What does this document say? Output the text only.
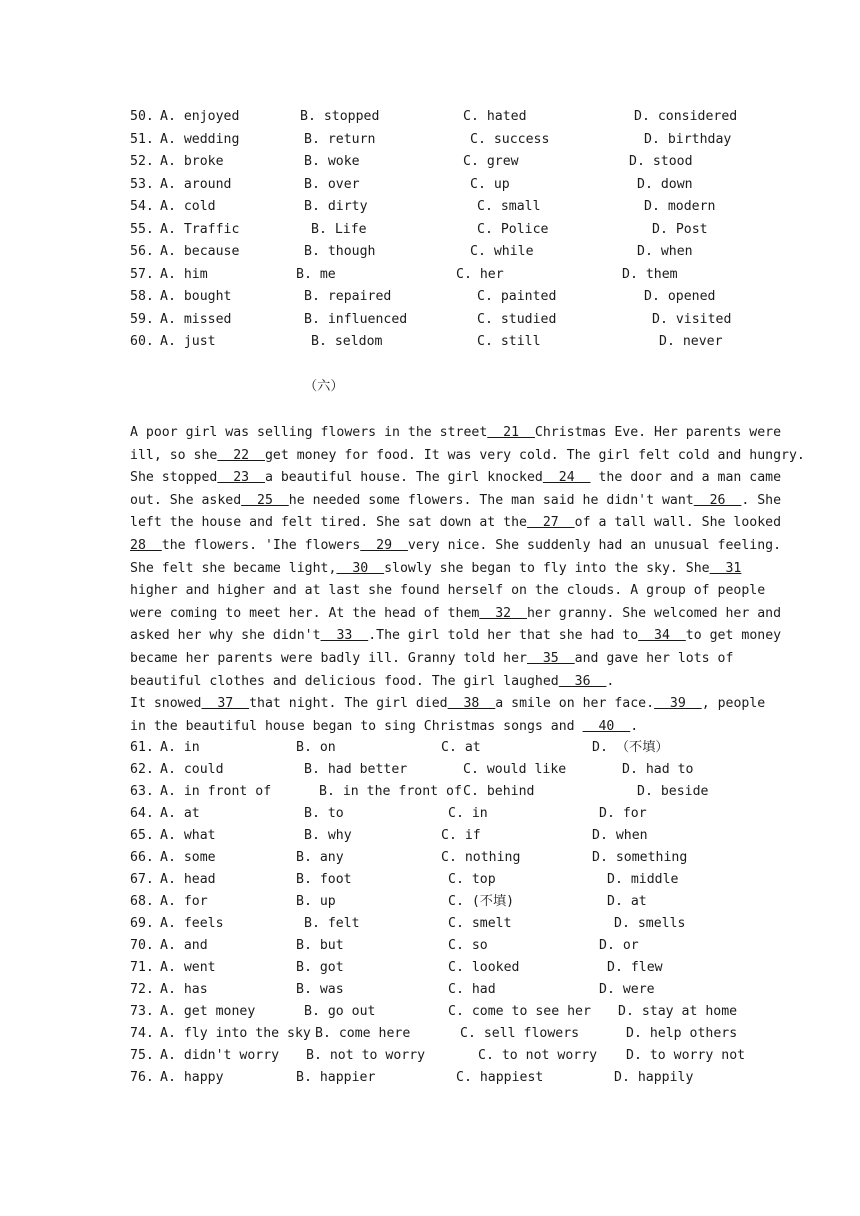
50. A. enjoyed	B. stopped	C. hated	D. considered
51. A. wedding	B. return	C. success	D. birthday
52. A. broke	B. woke	C. grew	D. stood
53. A. around	B. over	C. up	D. down
54. A. cold	B. dirty	C. small	D. modern
55. A. Traffic	B. Life	C. Police	D. Post
56. A. because	B. though	C. while	D. when
57. A. him	B. me	C. her	D. them
58. A. bought	B. repaired	C. painted	D. opened
59. A. missed	B. influenced	C. studied	D. visited
60. A. just	B. seldom	C. still	D. never
（六）
A poor girl was selling flowers in the street 21 Christmas Eve. Her parents were
ill, so she 22 get money for food. It was very cold. The girl felt cold and hungry.
She stopped 23 a beautiful house. The girl knocked 24 the door and a man came
out. She asked 25 he needed some flowers. The man said he didn't want 26 . She
left the house and felt tired. She sat down at the 27 of a tall wall. She looked
28 the flowers. 'Ihe flowers 29 very nice. She suddenly had an unusual feeling.
She felt she became light, 30 slowly she began to fly into the sky. She 31
higher and higher and at last she found herself on the clouds. A group of people
were coming to meet her. At the head of them 32 her granny. She welcomed her and
asked her why she didn't 33 .The girl told her that she had to 34 to get money
became her parents were badly ill. Granny told her 35 and gave her lots of
beautiful clothes and delicious food. The girl laughed 36 .
It snowed 37 that night. The girl died 38 a smile on her face. 39 , people
in the beautiful house began to sing Christmas songs and
40 .
61. A. in	B. on	C. at	D. （不填）
62. A. could	B. had better	C. would like	D. had to
63. A. in front of	B. in the front of C. behind	D. beside
64. A. at	B. to	C. in	D. for
65. A. what	B. why	C. if	D. when
66. A. some	B. any	C. nothing	D. something
67. A. head	B. foot	C. top	D. middle
68. A. for	B. up	C. (不填)	D. at
69. A. feels	B. felt	C. smelt	D. smells
70. A. and	B. but	C. so	D. or
71. A. went	B. got	C. looked	D. flew
72. A. has	B. was	C. had	D. were
73. A. get money	B. go out	C. come to see her D. stay at home
74. A. fly into the sky B. come here	C. sell flowers	D. help others
75. A. didn't worry B. not to worry	C. to not worry D. to worry not
76. A. happy	B. happier	C. happiest	D. happily
